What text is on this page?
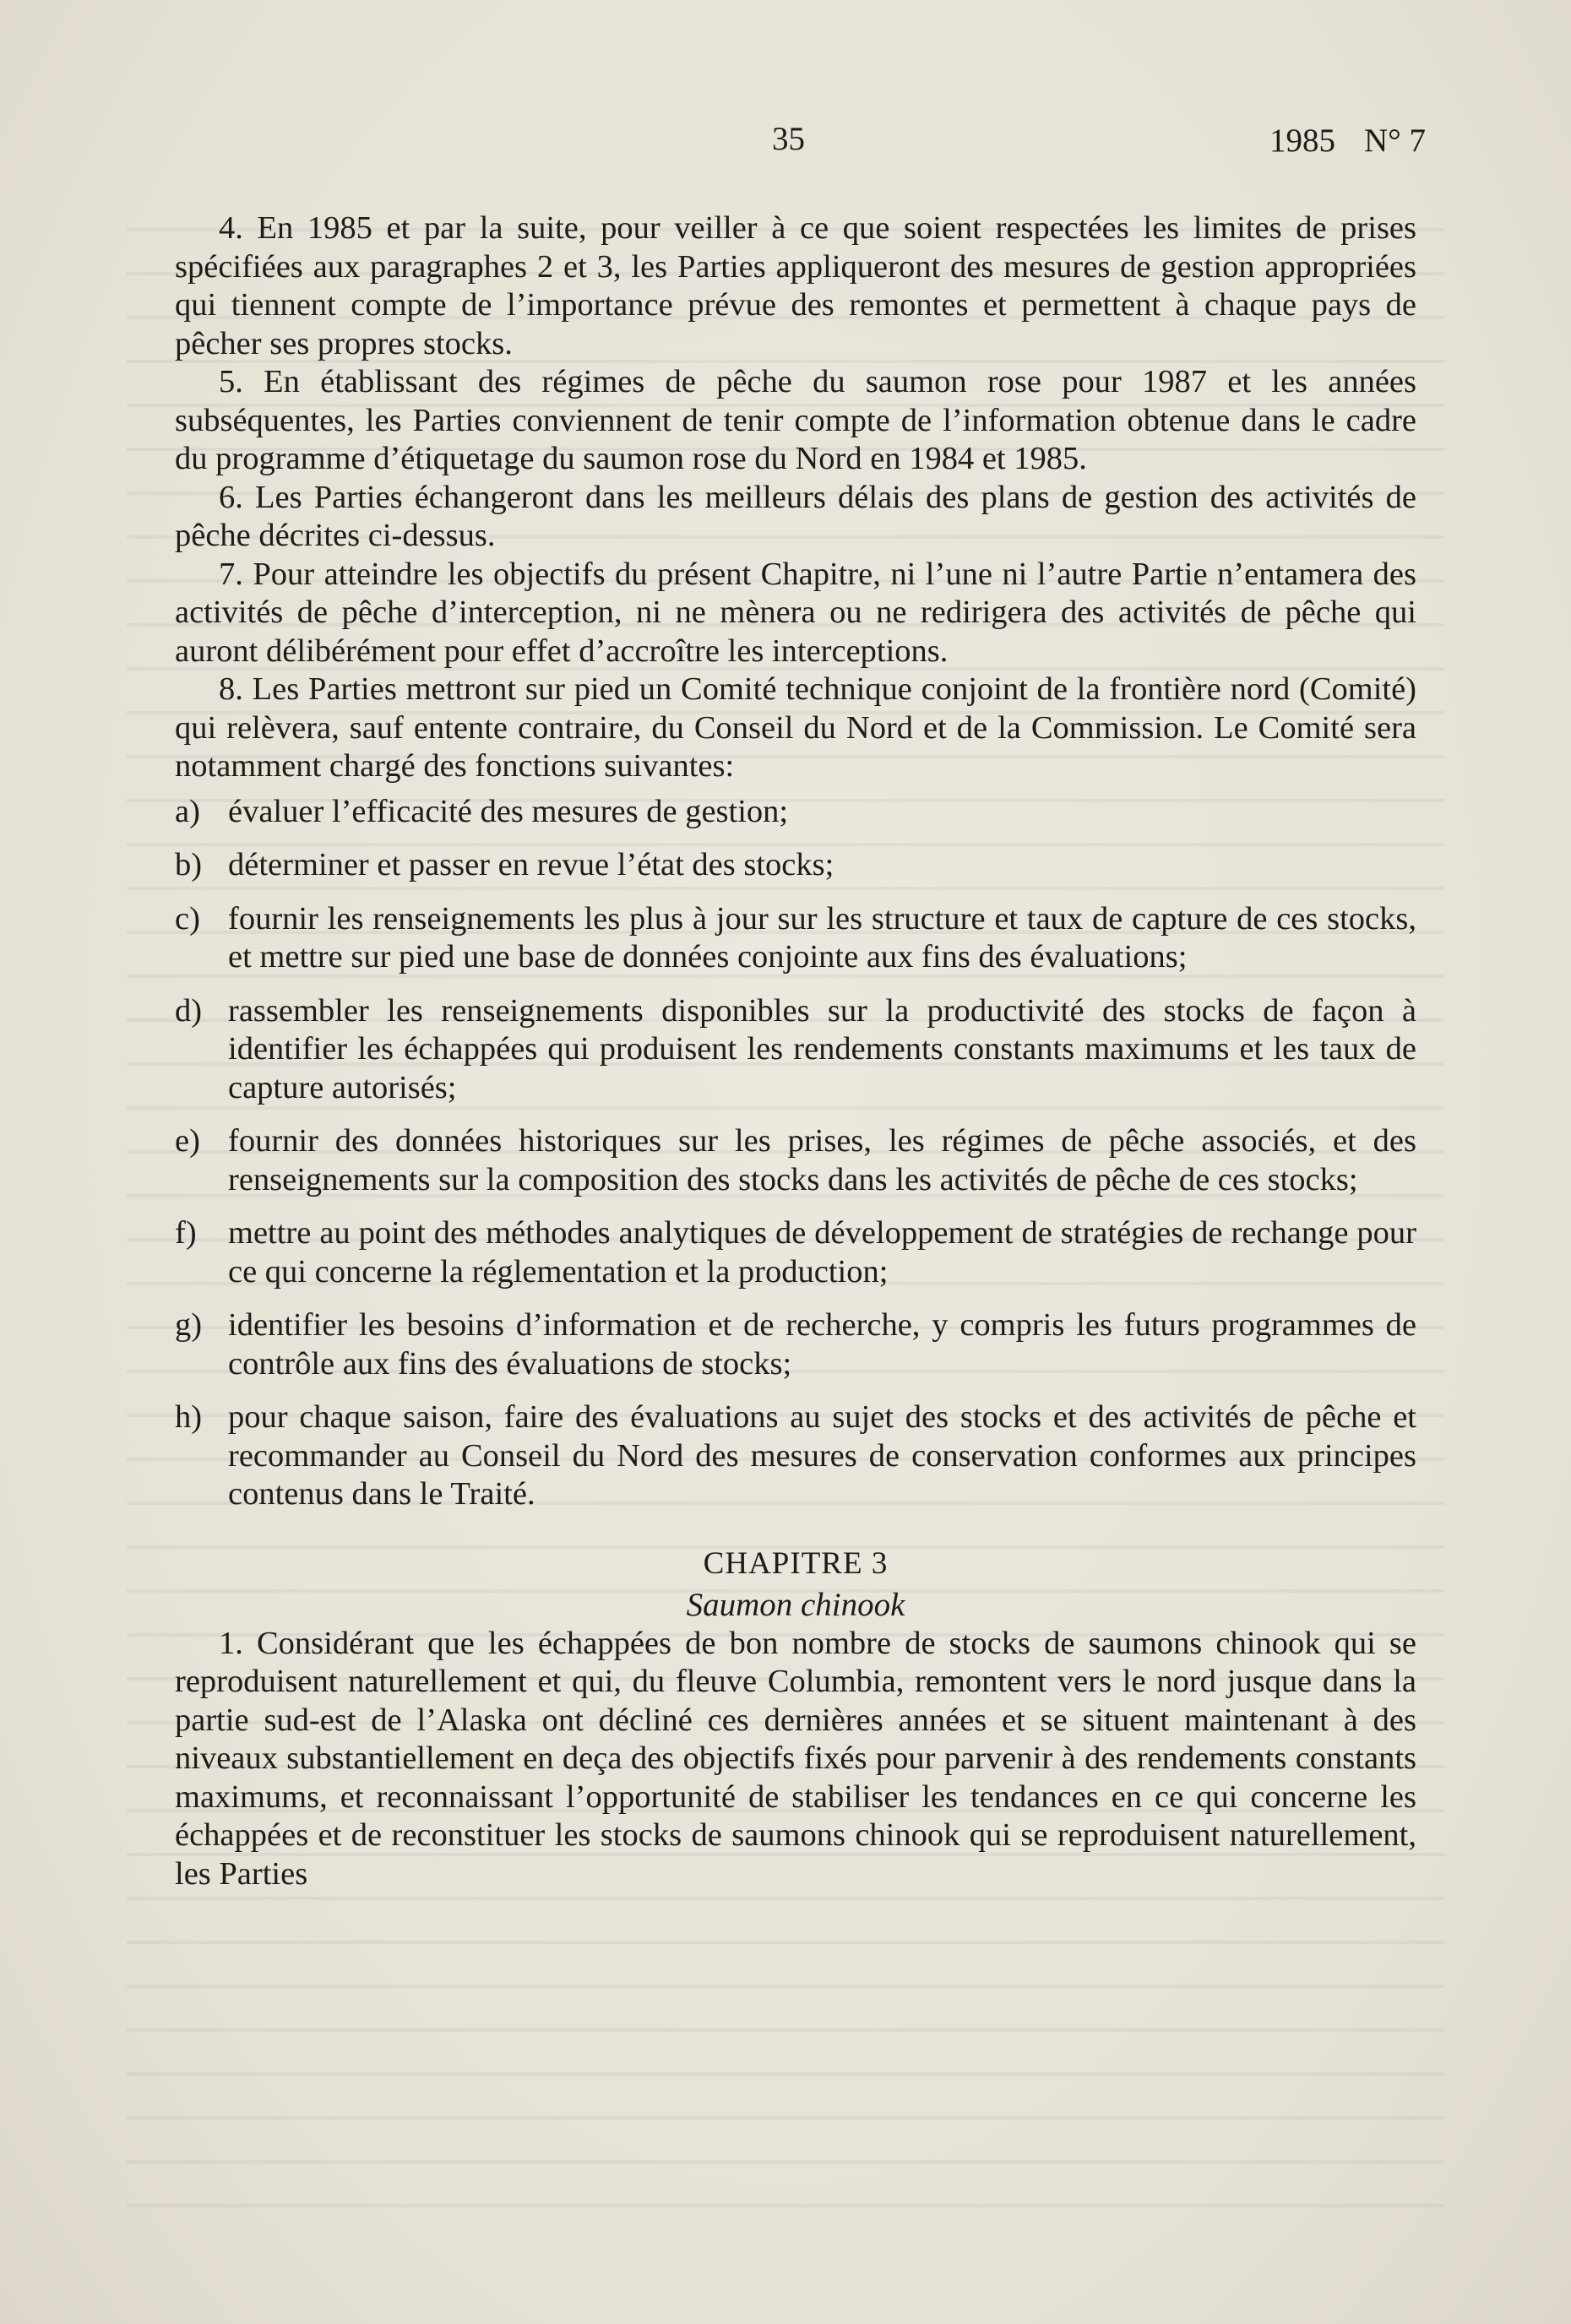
35	1985 N° 7

4. En 1985 et par la suite, pour veiller à ce que soient respectées les limites de prises spécifiées aux paragraphes 2 et 3, les Parties appliqueront des mesures de gestion appropriées qui tiennent compte de l’importance prévue des remontes et permettent à chaque pays de pêcher ses propres stocks.

5. En établissant des régimes de pêche du saumon rose pour 1987 et les années subséquentes, les Parties conviennent de tenir compte de l’information obtenue dans le cadre du programme d’étiquetage du saumon rose du Nord en 1984 et 1985.

6. Les Parties échangeront dans les meilleurs délais des plans de gestion des activités de pêche décrites ci-dessus.

7. Pour atteindre les objectifs du présent Chapitre, ni l’une ni l’autre Partie n’entamera des activités de pêche d’interception, ni ne mènera ou ne redirigera des activités de pêche qui auront délibérément pour effet d’accroître les interceptions.

8. Les Parties mettront sur pied un Comité technique conjoint de la frontière nord (Comité) qui relèvera, sauf entente contraire, du Conseil du Nord et de la Commission. Le Comité sera notamment chargé des fonctions suivantes:

a) évaluer l’efficacité des mesures de gestion;
b) déterminer et passer en revue l’état des stocks;
c) fournir les renseignements les plus à jour sur les structure et taux de capture de ces stocks, et mettre sur pied une base de données conjointe aux fins des évaluations;
d) rassembler les renseignements disponibles sur la productivité des stocks de façon à identifier les échappées qui produisent les rendements constants maximums et les taux de capture autorisés;
e) fournir des données historiques sur les prises, les régimes de pêche associés, et des renseignements sur la composition des stocks dans les activités de pêche de ces stocks;
f) mettre au point des méthodes analytiques de développement de stratégies de rechange pour ce qui concerne la réglementation et la production;
g) identifier les besoins d’information et de recherche, y compris les futurs programmes de contrôle aux fins des évaluations de stocks;
h) pour chaque saison, faire des évaluations au sujet des stocks et des activités de pêche et recommander au Conseil du Nord des mesures de conservation conformes aux principes contenus dans le Traité.
CHAPITRE 3
Saumon chinook

1. Considérant que les échappées de bon nombre de stocks de saumons chinook qui se reproduisent naturellement et qui, du fleuve Columbia, remontent vers le nord jusque dans la partie sud-est de l’Alaska ont décliné ces dernières années et se situent maintenant à des niveaux substantiellement en deça des objectifs fixés pour parvenir à des rendements constants maximums, et reconnaissant l’opportunité de stabiliser les tendances en ce qui concerne les échappées et de reconstituer les stocks de saumons chinook qui se reproduisent naturellement, les Parties
